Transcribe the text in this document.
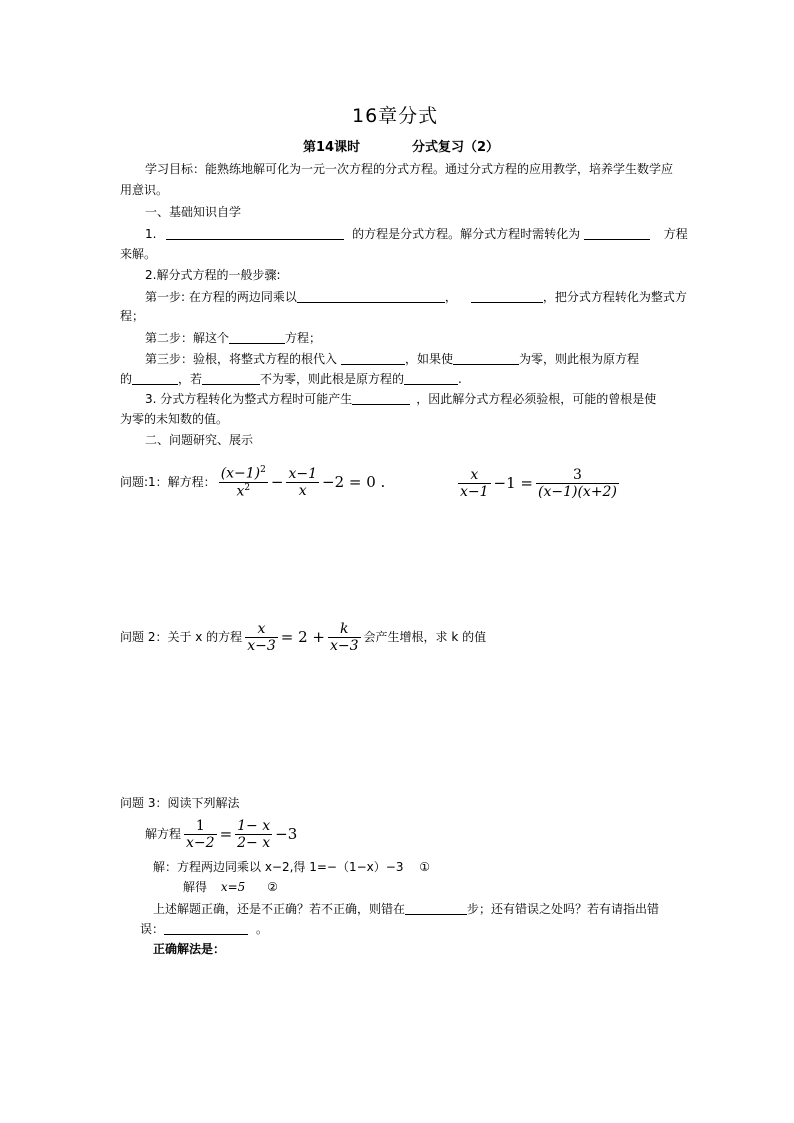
16章分式
第14课时	分式复习（2）
学习目标：能熟练地解可化为一元一次方程的分式方程。通过分式方程的应用教学，培养学生数学应
用意识。
一、基础知识自学
1.	的方程是分式方程。解分式方程时需转化为	方程
来解。
2.解分式方程的一般步骤:
第一步: 在方程的两边同乘以	，	，把分式方程转化为整式方
程；
第二步：解这个	方程；
第三步：验根，将整式方程的根代入	，如果使	为零，则此根为原方程
的	，若	不为零，则此根是原方程的	.
3. 分式方程转化为整式方程时可能产生	，因此解分式方程必须验根，可能的曾根是使
为零的未知数的值。
二、问题研究、展示
问题:1：解方程： $\frac{(x-1)^2}{x^2} - \frac{x-1}{x} -2 = 0$ .	$\frac{x}{x-1} -1 = \frac{3}{(x-1)(x+2)}$
问题 2：关于 x 的方程 $\frac{x}{x-3} = 2 + \frac{k}{x-3}$ 会产生增根，求 k 的值
问题 3：阅读下列解法
解方程 $\frac{1}{x-2} = \frac{1- x}{2- x} -3$
解：方程两边同乘以 x−2,得 1=−（1−x）−3　 ①
解得 x=5 ②
上述解题正确，还是不正确？若不正确，则错在	步；还有错误之处吗？若有请指出错
误：	。
正确解法是：
